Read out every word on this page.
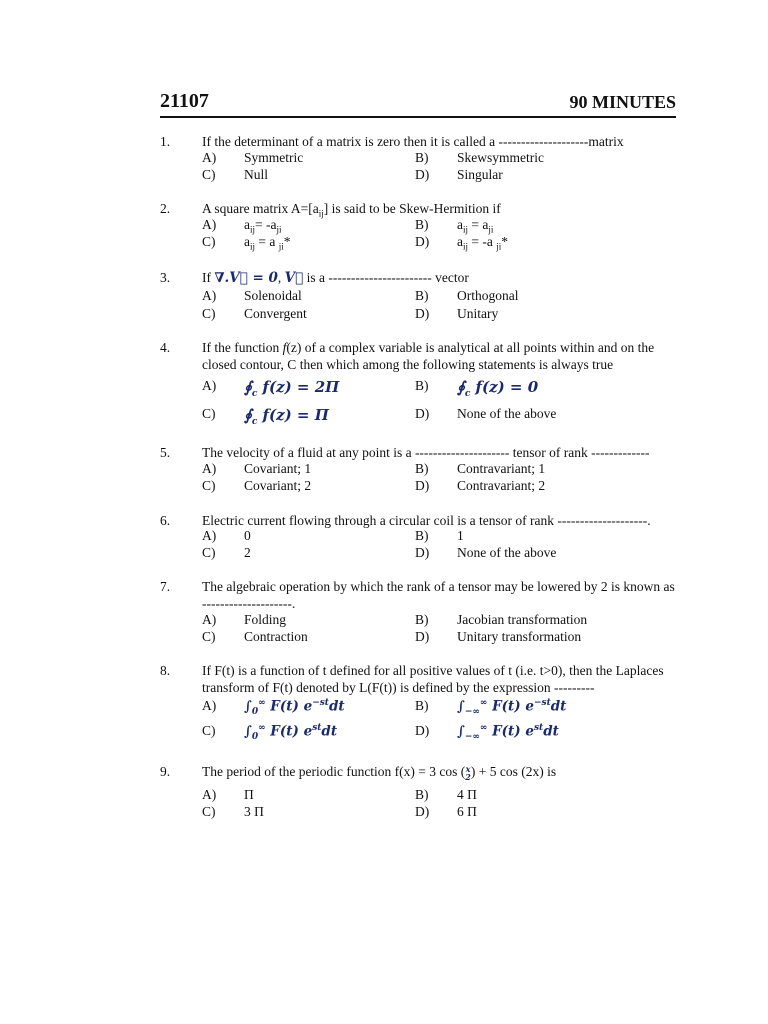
21107	90 MINUTES
1. If the determinant of a matrix is zero then it is called a --------------------matrix
A) Symmetric	B) Skewsymmetric
C) Null	D) Singular
2. A square matrix $A=[a_{ij}]$ is said to be Skew-Hermition if
A) $a_{ij}= -a_{ji}$	B) $a_{ij} = a_{ji}$
C) $a_{ij} = a$ $_{ji}$*	D) $a_{ij} = -a$ $_{ji}$*
3. If ∇.V⃗ = 0, V⃗ is a ----------------------- vector
A) Solenoidal	B) Orthogonal
C) Convergent	D) Unitary
4. If the function f(z) of a complex variable is analytical at all points within and on the closed contour, C then which among the following statements is always true
A) $∮_c$ f(z) = 2Π	B) $∮_c$ f(z) = 0
C) $∮_c$ f(z) = Π	D) None of the above
5. The velocity of a fluid at any point is a --------------------- tensor of rank -------------
A) Covariant; 1	B) Contravariant; 1
C) Covariant; 2	D) Contravariant; 2
6. Electric current flowing through a circular coil is a tensor of rank --------------------.
A) 0	B) 1
C) 2	D) None of the above
7. The algebraic operation by which the rank of a tensor may be lowered by 2 is known as --------------------.
A) Folding	B) Jacobian transformation
C) Contraction	D) Unitary transformation
8. If F(t) is a function of t defined for all positive values of t (i.e. t>0), then the Laplaces transform of F(t) denoted by L(F(t)) is defined by the expression ---------
A) $\int_0^\infty$ F(t) $e^{-st}dt$	B) $\int_{-\infty}^\infty$ F(t) $e^{-st}dt$
C) $\int_0^\infty$ F(t) $e^{st}dt$	D) $\int_{-\infty}^\infty$ F(t) $e^{st}dt$
9. The period of the periodic function f(x) = 3 cos ( x
2 ) + 5 cos (2x) is
A) Π	B) 4 Π
C) 3 Π	D) 6 Π
